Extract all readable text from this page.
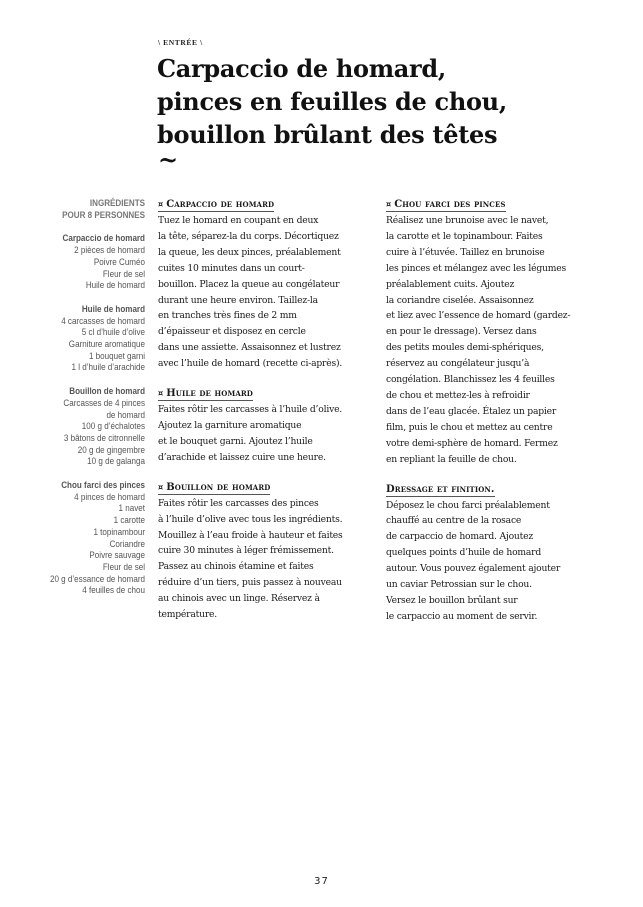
\ ENTRÉE \
Carpaccio de homard,
pinces en feuilles de chou,
bouillon brûlant des têtes
~
INGRÉDIENTS
POUR 8 PERSONNES
Carpaccio de homard
2 pièces de homard
Poivre Cuméo
Fleur de sel
Huile de homard
Huile de homard
4 carcasses de homard
5 cl d’huile d’olive
Garniture aromatique
1 bouquet garni
1 l d’huile d’arachide
Bouillon de homard
Carcasses de 4 pinces
de homard
100 g d’échalotes
3 bâtons de citronnelle
20 g de gingembre
10 g de galanga
Chou farci des pinces
4 pinces de homard
1 navet
1 carotte
1 topinambour
Coriandre
Poivre sauvage
Fleur de sel
20 g d’essance de homard
4 feuilles de chou
¤ Carpaccio de homard

Tuez le homard en coupant en deux

la tête, séparez-la du corps. Décortiquez

la queue, les deux pinces, préalablement

cuites 10 minutes dans un court-

bouillon. Placez la queue au congélateur

durant une heure environ. Taillez-la

en tranches très fines de 2 mm

d’épaisseur et disposez en cercle

dans une assiette. Assaisonnez et lustrez

avec l’huile de homard (recette ci-après).

¤ Huile de homard

Faites rôtir les carcasses à l’huile d’olive.

Ajoutez la garniture aromatique

et le bouquet garni. Ajoutez l’huile

d’arachide et laissez cuire une heure.

¤ Bouillon de homard

Faites rôtir les carcasses des pinces

à l’huile d’olive avec tous les ingrédients.

Mouillez à l’eau froide à hauteur et faites

cuire 30 minutes à léger frémissement.

Passez au chinois étamine et faites

réduire d’un tiers, puis passez à nouveau

au chinois avec un linge. Réservez à

température.

¤ Chou farci des pinces

Réalisez une brunoise avec le navet,

la carotte et le topinambour. Faites

cuire à l’étuvée. Taillez en brunoise

les pinces et mélangez avec les légumes

préalablement cuits. Ajoutez

la coriandre ciselée. Assaisonnez

et liez avec l’essence de homard (gardez-

en pour le dressage). Versez dans

des petits moules demi-sphériques,

réservez au congélateur jusqu’à

congélation. Blanchissez les 4 feuilles

de chou et mettez-les à refroidir

dans de l’eau glacée. Étalez un papier

film, puis le chou et mettez au centre

votre demi-sphère de homard. Fermez

en repliant la feuille de chou.

Dressage et finition.

Déposez le chou farci préalablement

chauffé au centre de la rosace

de carpaccio de homard. Ajoutez

quelques points d’huile de homard

autour. Vous pouvez également ajouter

un caviar Petrossian sur le chou.

Versez le bouillon brûlant sur

le carpaccio au moment de servir.

37
